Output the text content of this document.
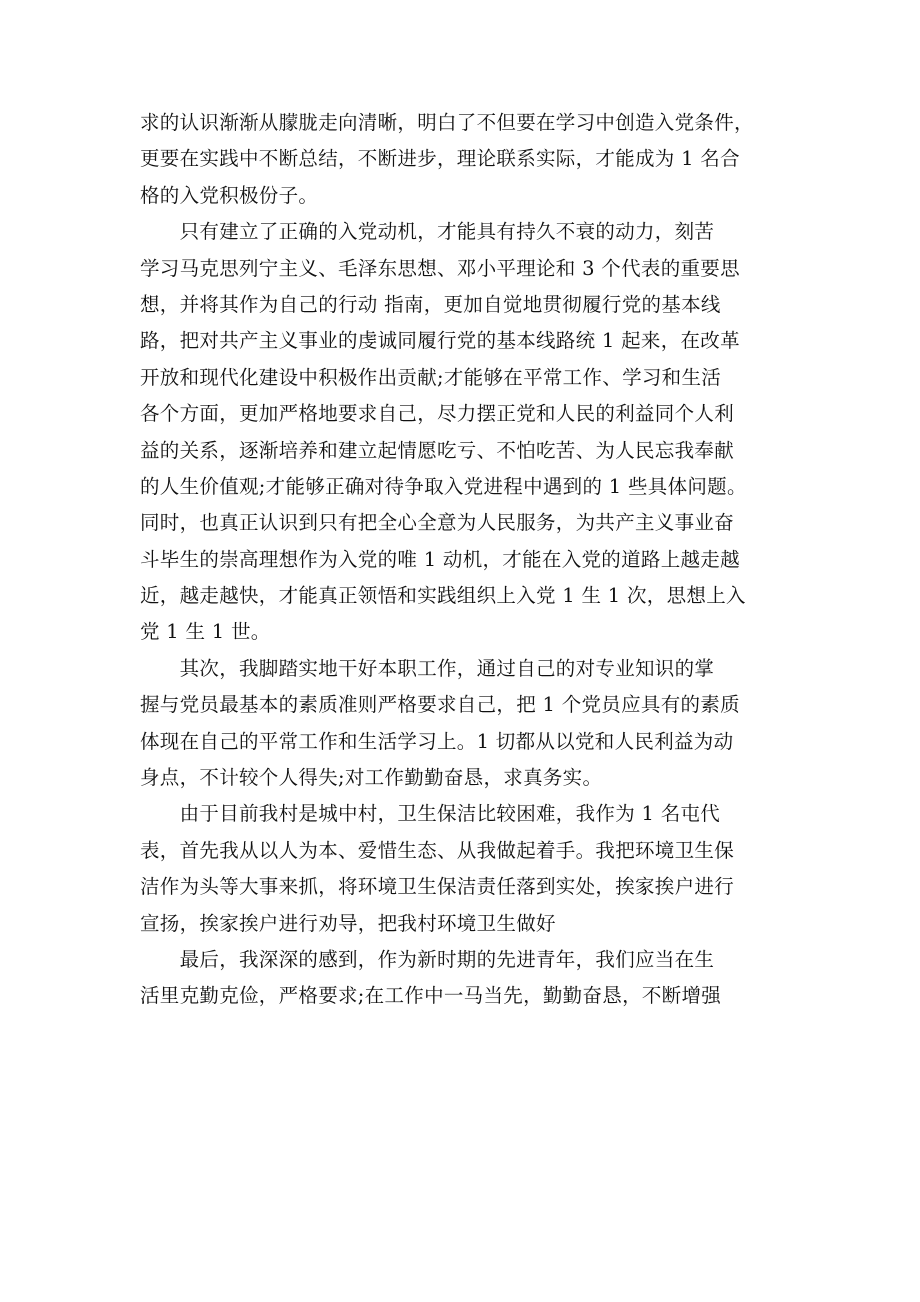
求的认识渐渐从朦胧走向清晰，明白了不但要在学习中创造入党条件，
更要在实践中不断总结，不断进步，理论联系实际，才能成为 1 名合
格的入党积极份子。
　　只有建立了正确的入党动机，才能具有持久不衰的动力，刻苦
学习马克思列宁主义、毛泽东思想、邓小平理论和 3 个代表的重要思
想，并将其作为自己的行动 指南，更加自觉地贯彻履行党的基本线
路，把对共产主义事业的虔诚同履行党的基本线路统 1 起来，在改革
开放和现代化建设中积极作出贡献;才能够在平常工作、学习和生活
各个方面，更加严格地要求自己，尽力摆正党和人民的利益同个人利
益的关系，逐渐培养和建立起情愿吃亏、不怕吃苦、为人民忘我奉献
的人生价值观;才能够正确对待争取入党进程中遇到的 1 些具体问题。
同时，也真正认识到只有把全心全意为人民服务，为共产主义事业奋
斗毕生的崇高理想作为入党的唯 1 动机，才能在入党的道路上越走越
近，越走越快，才能真正领悟和实践组织上入党 1 生 1 次，思想上入
党 1 生 1 世。
　　其次，我脚踏实地干好本职工作，通过自己的对专业知识的掌
握与党员最基本的素质准则严格要求自己，把 1 个党员应具有的素质
体现在自己的平常工作和生活学习上。1 切都从以党和人民利益为动
身点，不计较个人得失;对工作勤勤奋恳，求真务实。
　　由于目前我村是城中村，卫生保洁比较困难，我作为 1 名屯代
表，首先我从以人为本、爱惜生态、从我做起着手。我把环境卫生保
洁作为头等大事来抓，将环境卫生保洁责任落到实处，挨家挨户进行
宣扬，挨家挨户进行劝导，把我村环境卫生做好
　　最后，我深深的感到，作为新时期的先进青年，我们应当在生
活里克勤克俭，严格要求;在工作中一马当先，勤勤奋恳，不断增强
